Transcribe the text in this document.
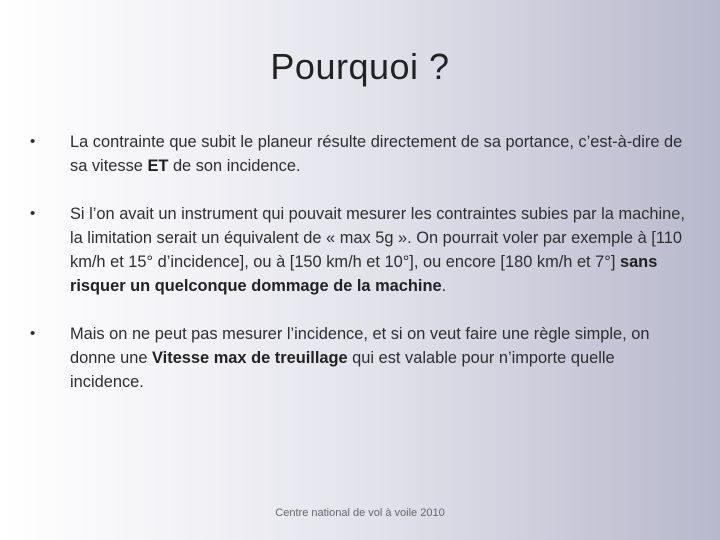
Pourquoi ?
•	La contrainte que subit le planeur résulte directement de sa portance, c’est-à-dire de sa vitesse ET de son incidence.
•	Si l’on avait un instrument qui pouvait mesurer les contraintes subies par la machine, la limitation serait un équivalent de « max 5g ». On pourrait voler par exemple à [110 km/h et 15° d’incidence], ou à [150 km/h et 10°], ou encore [180 km/h et 7°] sans risquer un quelconque dommage de la machine.
•	Mais on ne peut pas mesurer l’incidence, et si on veut faire une règle simple, on donne une Vitesse max de treuillage qui est valable pour n’importe quelle incidence.
Centre national de vol à voile 2010
